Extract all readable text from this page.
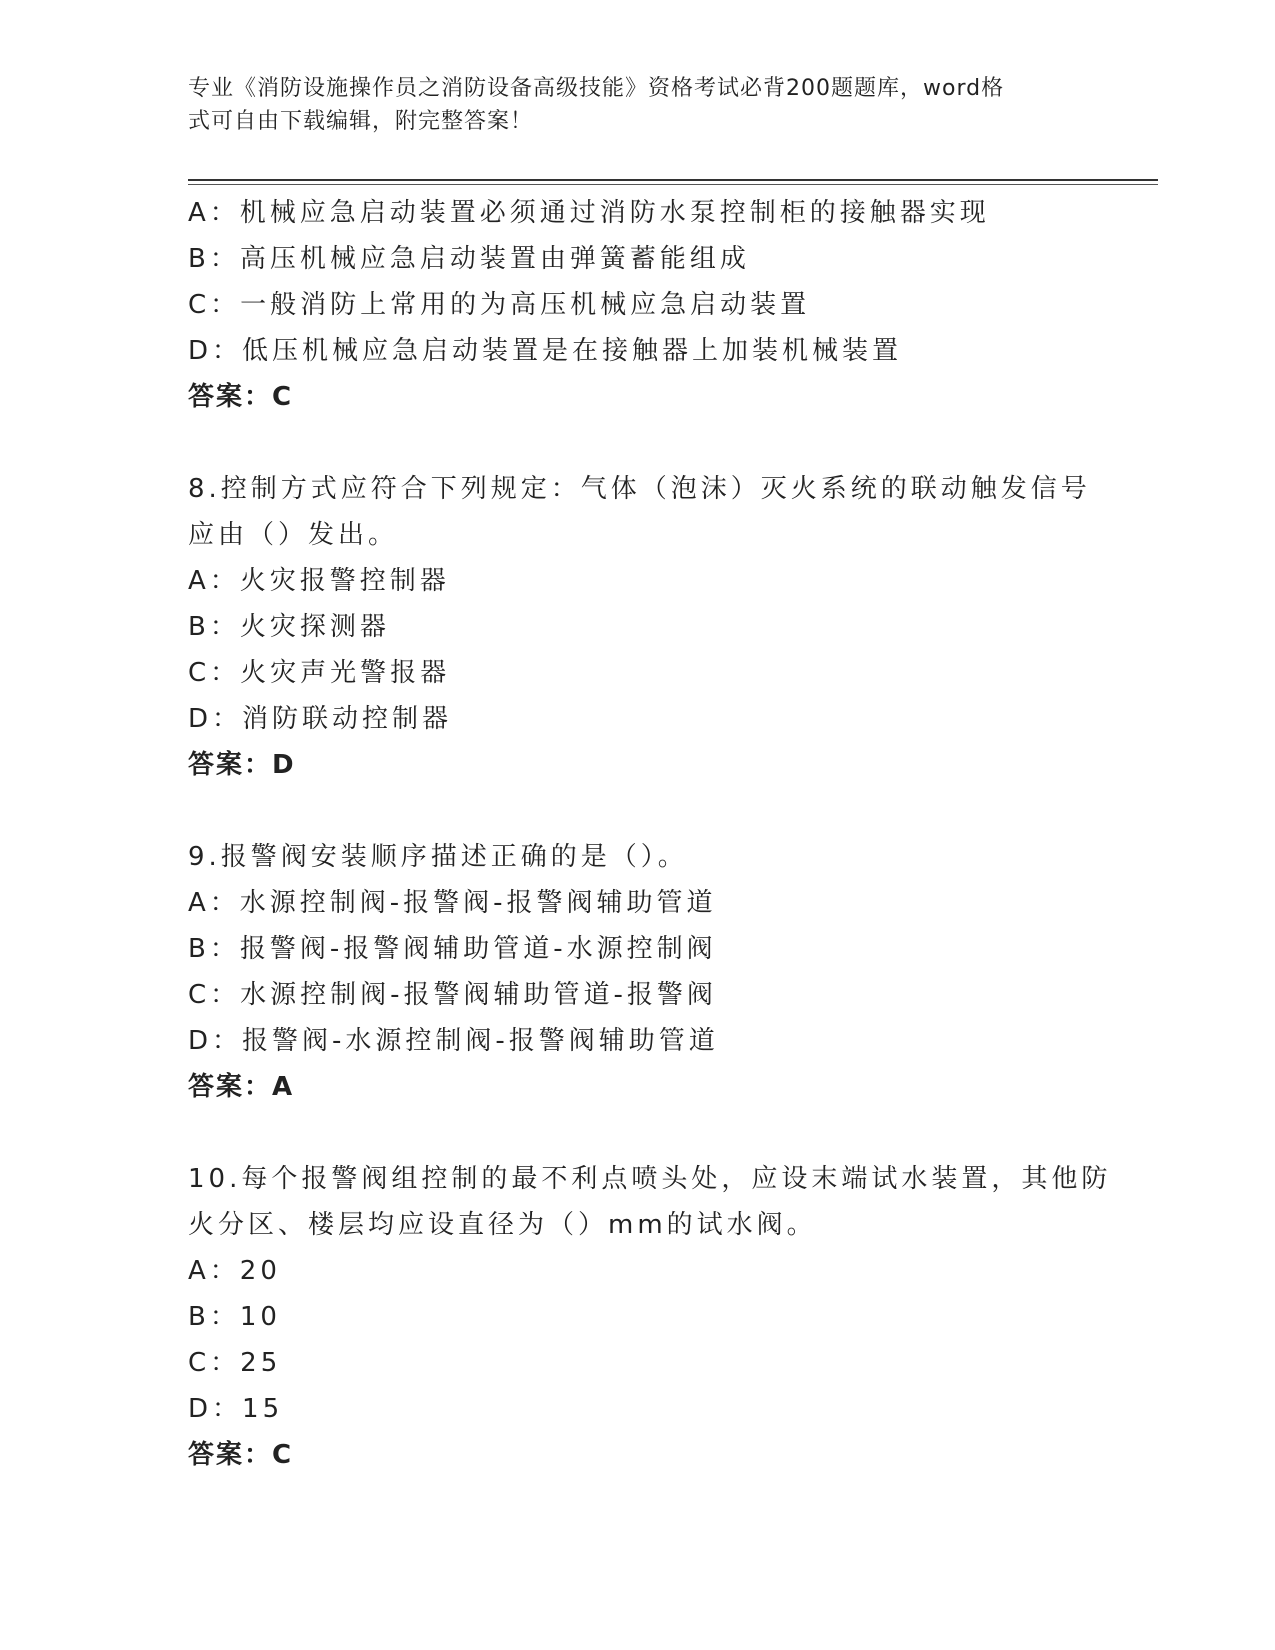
专业《消防设施操作员之消防设备高级技能》资格考试必背200题题库，word格
式可自由下载编辑，附完整答案！
A：机械应急启动装置必须通过消防水泵控制柜的接触器实现
B：高压机械应急启动装置由弹簧蓄能组成
C：一般消防上常用的为高压机械应急启动装置
D：低压机械应急启动装置是在接触器上加装机械装置
答案：C
8.控制方式应符合下列规定：气体（泡沫）灭火系统的联动触发信号
应由（）发出。
A：火灾报警控制器
B：火灾探测器
C：火灾声光警报器
D：消防联动控制器
答案：D
9.报警阀安装顺序描述正确的是（）。
A：水源控制阀-报警阀-报警阀辅助管道
B：报警阀-报警阀辅助管道-水源控制阀
C：水源控制阀-报警阀辅助管道-报警阀
D：报警阀-水源控制阀-报警阀辅助管道
答案：A
10.每个报警阀组控制的最不利点喷头处，应设末端试水装置，其他防
火分区、楼层均应设直径为（）mm的试水阀。
A：20
B：10
C：25
D：15
答案：C
